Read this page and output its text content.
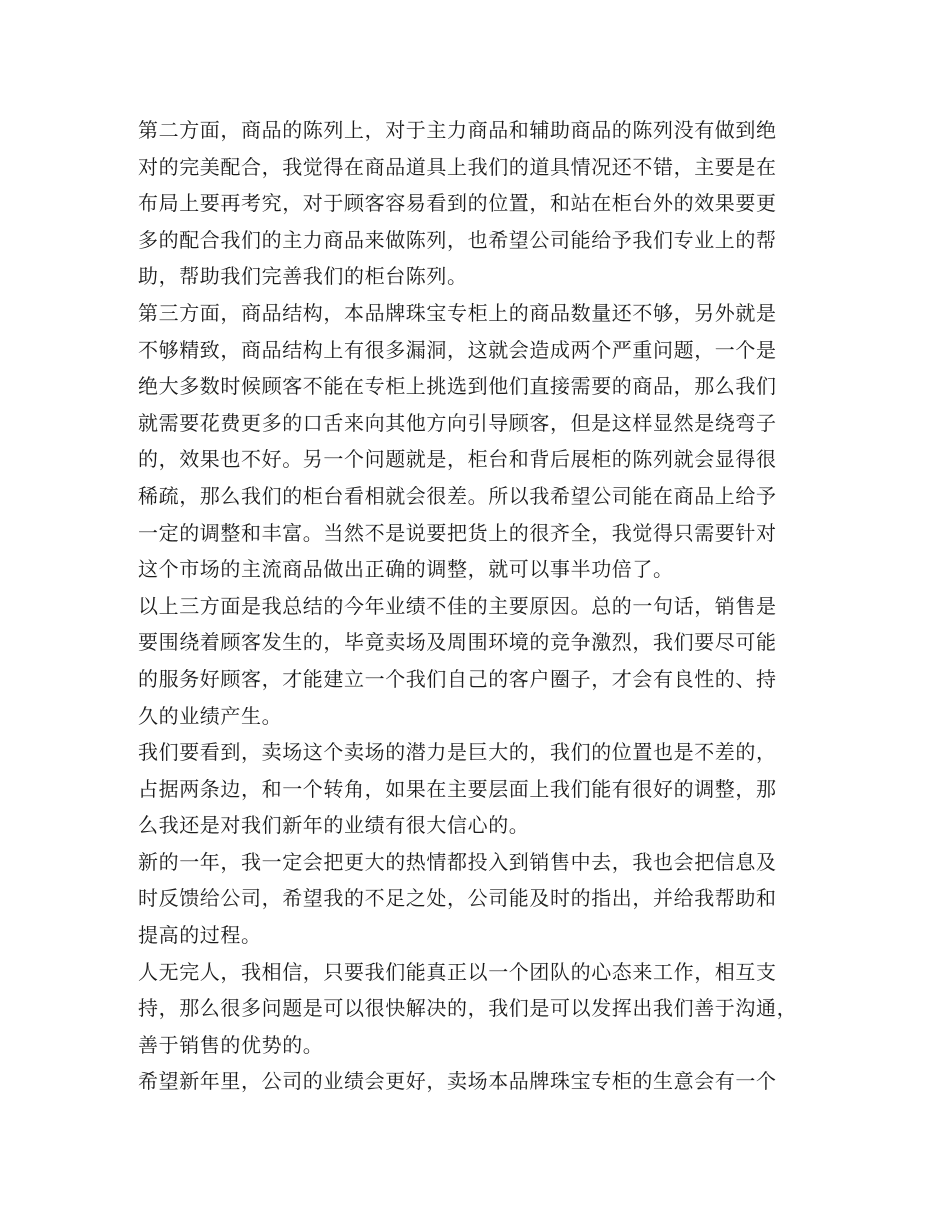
第二方面，商品的陈列上，对于主力商品和辅助商品的陈列没有做到绝
对的完美配合，我觉得在商品道具上我们的道具情况还不错，主要是在
布局上要再考究，对于顾客容易看到的位置，和站在柜台外的效果要更
多的配合我们的主力商品来做陈列，也希望公司能给予我们专业上的帮
助，帮助我们完善我们的柜台陈列。
第三方面，商品结构，本品牌珠宝专柜上的商品数量还不够，另外就是
不够精致，商品结构上有很多漏洞，这就会造成两个严重问题，一个是
绝大多数时候顾客不能在专柜上挑选到他们直接需要的商品，那么我们
就需要花费更多的口舌来向其他方向引导顾客，但是这样显然是绕弯子
的，效果也不好。另一个问题就是，柜台和背后展柜的陈列就会显得很
稀疏，那么我们的柜台看相就会很差。所以我希望公司能在商品上给予
一定的调整和丰富。当然不是说要把货上的很齐全，我觉得只需要针对
这个市场的主流商品做出正确的调整，就可以事半功倍了。
以上三方面是我总结的今年业绩不佳的主要原因。总的一句话，销售是
要围绕着顾客发生的，毕竟卖场及周围环境的竞争激烈，我们要尽可能
的服务好顾客，才能建立一个我们自己的客户圈子，才会有良性的、持
久的业绩产生。
我们要看到，卖场这个卖场的潜力是巨大的，我们的位置也是不差的，
占据两条边，和一个转角，如果在主要层面上我们能有很好的调整，那
么我还是对我们新年的业绩有很大信心的。
新的一年，我一定会把更大的热情都投入到销售中去，我也会把信息及
时反馈给公司，希望我的不足之处，公司能及时的指出，并给我帮助和
提高的过程。
人无完人，我相信，只要我们能真正以一个团队的心态来工作，相互支
持，那么很多问题是可以很快解决的，我们是可以发挥出我们善于沟通，
善于销售的优势的。
希望新年里，公司的业绩会更好，卖场本品牌珠宝专柜的生意会有一个
